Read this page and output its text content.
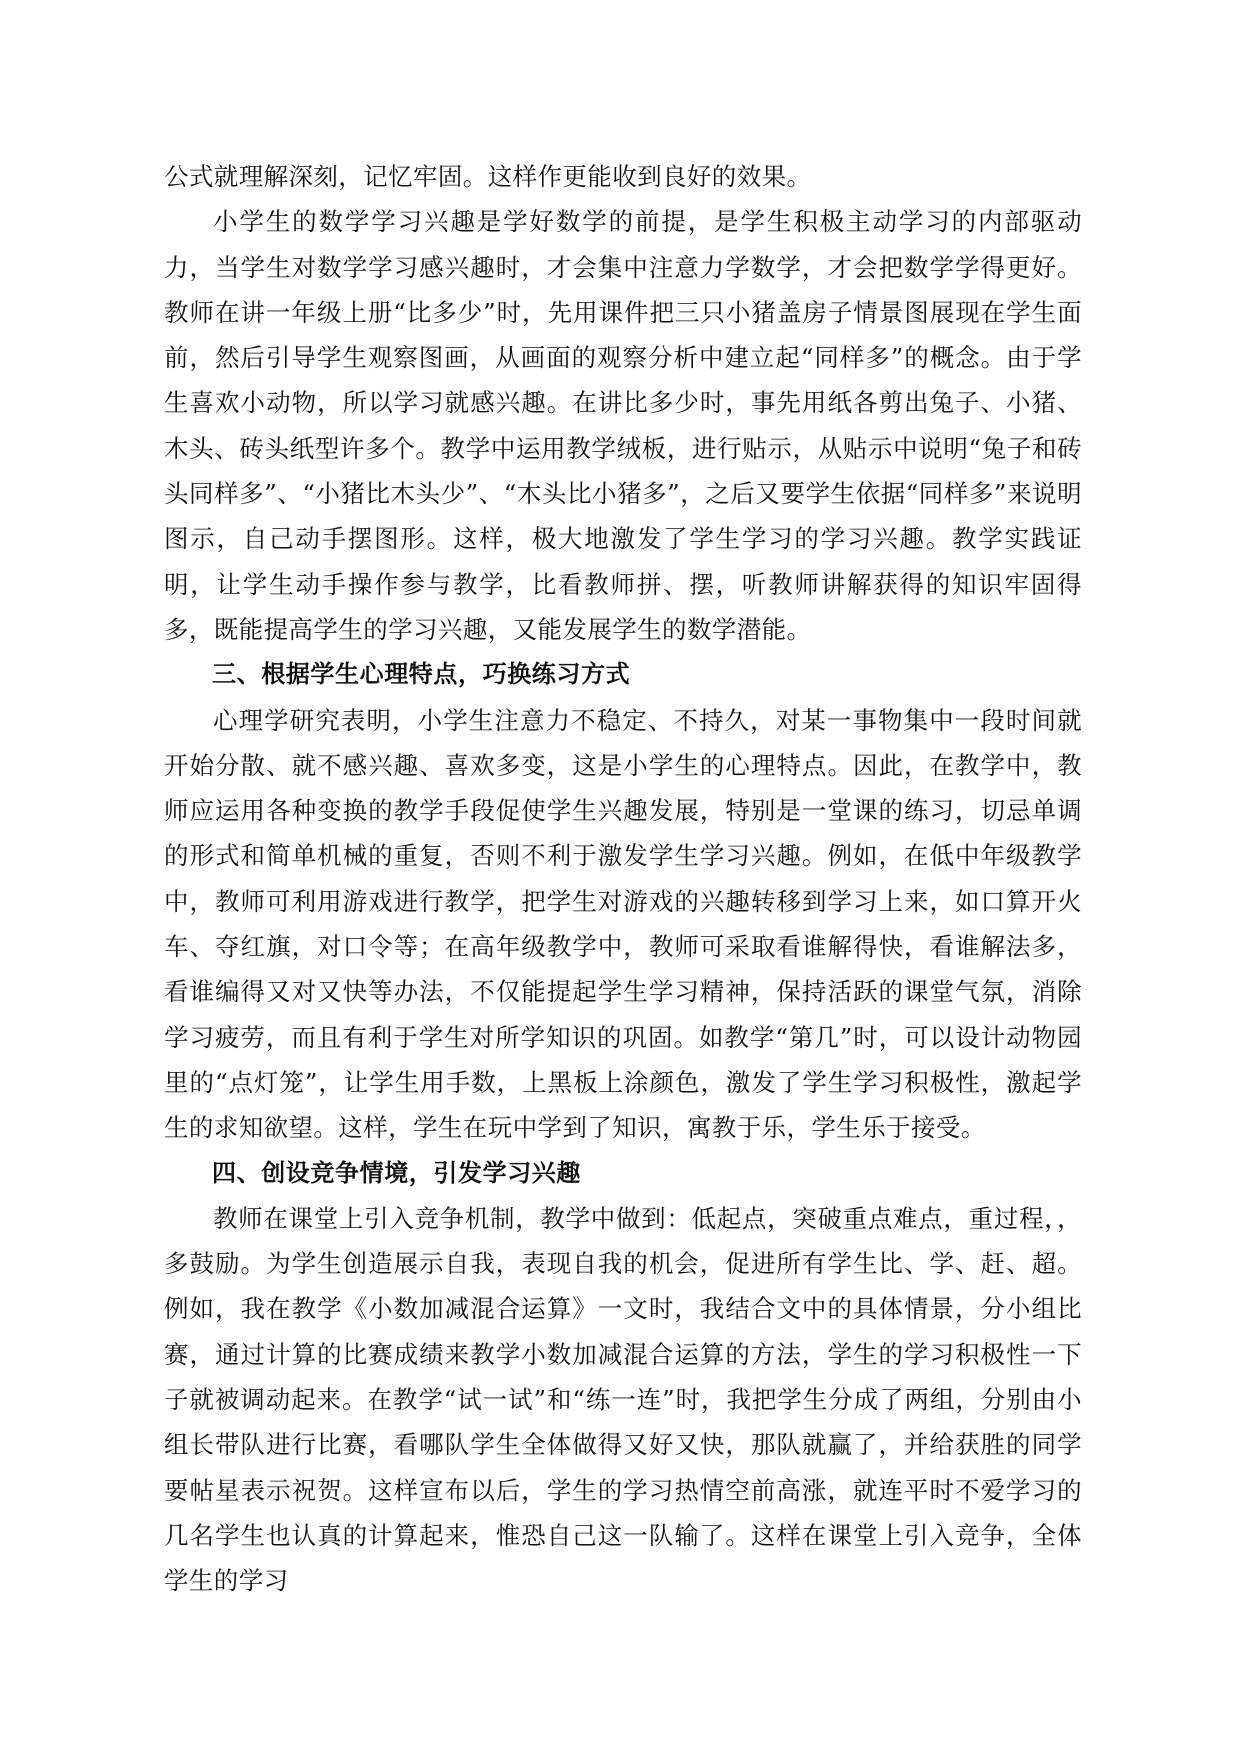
公式就理解深刻，记忆牢固。这样作更能收到良好的效果。

小学生的数学学习兴趣是学好数学的前提，是学生积极主动学习的内部驱动力，当学生对数学学习感兴趣时，才会集中注意力学数学，才会把数学学得更好。教师在讲一年级上册“比多少”时，先用课件把三只小猪盖房子情景图展现在学生面前，然后引导学生观察图画，从画面的观察分析中建立起“同样多”的概念。由于学生喜欢小动物，所以学习就感兴趣。在讲比多少时，事先用纸各剪出兔子、小猪、木头、砖头纸型许多个。教学中运用教学绒板，进行贴示，从贴示中说明“兔子和砖头同样多”、“小猪比木头少”、“木头比小猪多”，之后又要学生依据“同样多”来说明图示，自己动手摆图形。这样，极大地激发了学生学习的学习兴趣。教学实践证明，让学生动手操作参与教学，比看教师拼、摆，听教师讲解获得的知识牢固得多，既能提高学生的学习兴趣，又能发展学生的数学潜能。

三、根据学生心理特点，巧换练习方式

心理学研究表明，小学生注意力不稳定、不持久，对某一事物集中一段时间就开始分散、就不感兴趣、喜欢多变，这是小学生的心理特点。因此，在教学中，教师应运用各种变换的教学手段促使学生兴趣发展，特别是一堂课的练习，切忌单调的形式和简单机械的重复，否则不利于激发学生学习兴趣。例如，在低中年级教学中，教师可利用游戏进行教学，把学生对游戏的兴趣转移到学习上来，如口算开火车、夺红旗，对口令等；在高年级教学中，教师可采取看谁解得快，看谁解法多，看谁编得又对又快等办法，不仅能提起学生学习精神，保持活跃的课堂气氛，消除学习疲劳，而且有利于学生对所学知识的巩固。如教学“第几”时，可以设计动物园里的“点灯笼”，让学生用手数，上黑板上涂颜色，激发了学生学习积极性，激起学生的求知欲望。这样，学生在玩中学到了知识，寓教于乐，学生乐于接受。

四、创设竞争情境，引发学习兴趣

教师在课堂上引入竞争机制，教学中做到：低起点，突破重点难点，重过程，，多鼓励。为学生创造展示自我，表现自我的机会，促进所有学生比、学、赶、超。例如，我在教学《小数加减混合运算》一文时，我结合文中的具体情景，分小组比赛，通过计算的比赛成绩来教学小数加减混合运算的方法，学生的学习积极性一下子就被调动起来。在教学“试一试”和“练一连”时，我把学生分成了两组，分别由小组长带队进行比赛，看哪队学生全体做得又好又快，那队就赢了，并给获胜的同学要帖星表示祝贺。这样宣布以后，学生的学习热情空前高涨，就连平时不爱学习的几名学生也认真的计算起来，惟恐自己这一队输了。这样在课堂上引入竞争，全体学生的学习
